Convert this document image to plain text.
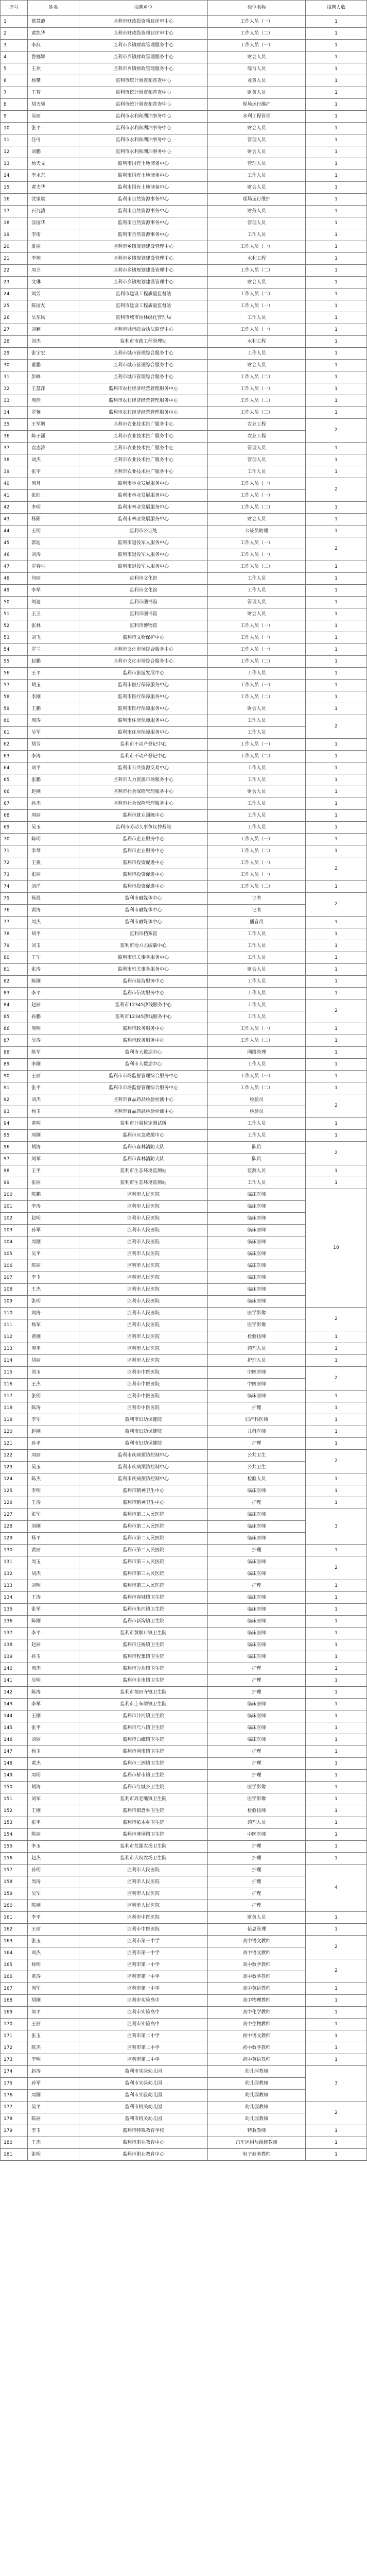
序号	姓名	招聘单位	岗位名称	招聘人数
1	蔡慧静	监利市财政投资项目评审中心	工作人员（一）	1
2	黄凯华	监利市财政投资项目评审中心	工作人员（二）	1
3	李浪	监利市乡镇财政管理服务中心	工作人员（一）	1
4	鲁娜娜	监利市乡镇财政管理服务中心	财会人员	1
5	王欢	监利市乡镇财政管理服务中心	综合人员	1
6	杨攀	监利市统计调查和普查中心	业务人员	1
7	王智	监利市统计调查和普查中心	财务人员	1
8	胡天骏	监利市统计调查和普查中心	现场运行维护	1
9	吴丽	监利市水利和湖泊事务中心	水利工程管理	1
10	张平	监利市水利和湖泊事务中心	财会人员	1
11	任可	监利市水利和湖泊事务中心	管理人员	1
12	刘鹏	监利市水利和湖泊事务中心	财会人员	1
13	杨天文	监利市国有土地储备中心	管理人员	1
14	李永东	监利市国有土地储备中心	工作人员	1
15	黄夫华	监利市国有土地储备中心	财会人员	1
16	沈家斌	监利市自然资源事务中心	现场运行维护	1
17	石九清	监利市自然资源事务中心	财务人员	1
18	涂国华	监利市自然资源事务中心	管理人员	1
19	李雨	监利市自然资源事务中心	工作人员	1
20	夏丽	监利市乡镇规划建设管理中心	工作人员（一）	1
21	李翔	监利市乡镇规划建设管理中心	水利工程	1
22	周立	监利市乡镇规划建设管理中心	工作人员（二）	1
23	文琳	监利市乡镇规划建设管理中心	财会人员	1
24	刘芳	监利市建设工程质量监督站	工作人员（二）	1
25	陈国友	监利市建设工程质量监督站	工作人员（一）	1
26	吴东风	监利市城市园林绿化管理局	工作人员	1
27	刘颖	监利市城市综合执法监督中心	工作人员（一）	1
28	刘杰	监利市市政工程管理处	水利工程	1
29	张宇宏	监利市城市管理综合服务中心	工作人员	1
30	董鹏	监利市城市管理综合服务中心	财会人员	1
31	彭峰	监利市城市管理综合服务中心	工作人员（二）	1
32	王慧萍	监利市农村经济经营管理服务中心	工作人员（一）	1
33	周佳	监利市农村经济经营管理服务中心	工作人员（二）	1
34	罗蒋	监利市农村经济经营管理服务中心	工作人员（三）	1
35	王军鹏	监利市农业技术推广服务中心	农业工程	2
36	陈子涵	监利市农业技术推广服务中心	农业工程	
37	袁志涛	监利市农业技术推广服务中心	管理人员	1
38	刘杰	监利市农业技术推广服务中心	管理人员	1
39	张宇	监利市农业技术推广服务中心	工作人员	1
40	周月	监利市林业发展服务中心	工作人员（一）	2
41	张红	监利市林业发展服务中心	工作人员（一）	
42	李明	监利市林业发展服务中心	工作人员（二）	1
43	杨阳	监利市林业发展服务中心	财会人员	1
44	王明	监利市公证处	公证员助理	1
45	郭迪	监利市退役军人服务中心	工作人员（一）	2
46	刘涛	监利市退役军人服务中心	工作人员（一）	
47	罗春生	监利市退役军人服务中心	工作人员（二）	1
48	何丽	监利市文化馆	工作人员	1
49	李军	监利市文化馆	工作人员	1
50	刘迪	监利市图书馆	管理人员	1
51	王卫	监利市图书馆	财会人员	1
52	张林	监利市博物馆	工作人员（一）	1
53	刘飞	监利市文物保护中心	工作人员（一）	1
54	罗兰	监利市文化市场综合服务中心	工作人员（一）	1
55	赵鹏	监利市文化市场综合服务中心	工作人员（二）	1
56	王平	监利市旅游发展中心	工作人员	1
57	胡玉	监利市医疗保障服务中心	工作人员（一）	1
58	李刚	监利市医疗保障服务中心	工作人员（二）	1
59	王鹏	监利市医疗保障服务中心	财会人员	1
60	周涛	监利市住房保障服务中心	工作人员	2
61	吴军	监利市住房保障服务中心	工作人员	
62	胡芳	监利市不动产登记中心	工作人员（一）	1
63	李涛	监利市不动产登记中心	工作人员（二）	1
64	刘平	监利市公共资源交易中心	工作人员	1
65	张鹏	监利市人力资源市场服务中心	工作人员	1
66	赵刚	监利市社会保险管理服务中心	财会人员	1
67	孙杰	监利市社会保险管理服务中心	工作人员	1
68	周丽	监利市就业训练中心	工作人员	1
69	吴玉	监利市劳动人事争议仲裁院	工作人员	1
70	陈明	监利市企业服务中心	工作人员（一）	1
71	李琴	监利市企业服务中心	工作人员（二）	1
72	王强	监利市投资促进中心	工作人员（一）	2
73	张丽	监利市投资促进中心	工作人员（一）	
74	刘洋	监利市投资促进中心	工作人员（二）	1
75	杨晨	监利市融媒体中心	记者	2
76	黄涛	监利市融媒体中心	记者	
77	周杰	监利市融媒体中心	播音员	1
78	胡平	监利市档案馆	工作人员	1
79	刘玉	监利市地方志编纂中心	工作人员	1
80	王军	监利市机关事务服务中心	工作人员	1
81	张涛	监利市机关事务服务中心	财会人员	1
82	陈刚	监利市接待服务中心	工作人员	1
83	李平	监利市信访服务中心	工作人员	1
84	赵丽	监利市12345热线服务中心	工作人员	2
85	孙鹏	监利市12345热线服务中心	工作人员	
86	周明	监利市政务服务中心	工作人员（一）	1
87	吴涛	监利市政务服务中心	工作人员（二）	1
88	陈军	监利市大数据中心	网络管理	1
89	李刚	监利市大数据中心	工作人员	1
90	王丽	监利市市场监督管理综合服务中心	工作人员（一）	1
91	张平	监利市市场监督管理综合服务中心	工作人员（二）	1
92	刘杰	监利市食品药品检验检测中心	检验员	2
93	杨玉	监利市食品药品检验检测中心	检验员	
94	黄明	监利市计量检定测试所	工作人员	1
95	周刚	监利市应急救援中心	工作人员	1
96	胡涛	监利市森林消防大队	队员	2
97	刘军	监利市森林消防大队	队员	
98	王平	监利市生态环境监测站	监测人员	1
99	张丽	监利市生态环境监测站	工作人员	1
100	陈鹏	监利市人民医院	临床医师	10
101	李涛	监利市人民医院	临床医师	
102	赵明	监利市人民医院	临床医师	
103	孙军	监利市人民医院	临床医师	
104	周刚	监利市人民医院	临床医师	
105	吴平	监利市人民医院	临床医师	
106	陈丽	监利市人民医院	临床医师	
107	李玉	监利市人民医院	临床医师	
108	王杰	监利市人民医院	临床医师	
109	张明	监利市人民医院	临床医师	
110	刘涛	监利市人民医院	医学影像	2
111	杨军	监利市人民医院	医学影像	
112	黄刚	监利市人民医院	检验技师	1
113	周平	监利市人民医院	药剂人员	1
114	胡丽	监利市人民医院	护理人员	1
115	刘玉	监利市中医医院	中医医师	2
116	王杰	监利市中医医院	中医医师	
117	张明	监利市中医医院	临床医师	1
118	陈涛	监利市中医医院	护理	1
119	李军	监利市妇幼保健院	妇产科医师	1
120	赵刚	监利市妇幼保健院	儿科医师	1
121	孙平	监利市妇幼保健院	护理	1
122	周丽	监利市疾病预防控制中心	公共卫生	2
123	吴玉	监利市疾病预防控制中心	公共卫生	
124	陈杰	监利市疾病预防控制中心	检验人员	1
125	李明	监利市精神卫生中心	临床医师	1
126	王涛	监利市精神卫生中心	护理	1
127	张军	监利市第二人民医院	临床医师	3
128	刘刚	监利市第二人民医院	临床医师	
129	杨平	监利市第二人民医院	临床医师	
130	黄丽	监利市第二人民医院	护理	1
131	周玉	监利市第三人民医院	临床医师	2
132	胡杰	监利市第三人民医院	临床医师	
133	刘明	监利市第三人民医院	护理	1
134	王涛	监利市容城镇卫生院	临床医师	1
135	张军	监利市朱河镇卫生院	临床医师	1
136	陈刚	监利市新沟镇卫生院	临床医师	1
137	李平	监利市黄歇口镇卫生院	临床医师	1
138	赵丽	监利市汪桥镇卫生院	临床医师	1
139	孙玉	监利市程集镇卫生院	临床医师	1
140	周杰	监利市分盐镇卫生院	护理	1
141	吴明	监利市毛市镇卫生院	护理	1
142	陈涛	监利市福田寺镇卫生院	护理	1
143	李军	监利市上车湾镇卫生院	临床医师	1
144	王刚	监利市汴河镇卫生院	临床医师	1
145	张平	监利市尺八镇卫生院	临床医师	1
146	刘丽	监利市白螺镇卫生院	临床医师	1
147	杨玉	监利市网市镇卫生院	护理	1
148	黄杰	监利市三洲镇卫生院	护理	1
149	周明	监利市桥市镇卫生院	护理	1
150	胡涛	监利市红城乡卫生院	医学影像	1
151	刘军	监利市周老嘴镇卫生院	医学影像	1
152	王刚	监利市棋盘乡卫生院	检验技师	1
153	张平	监利市柘木乡卫生院	药剂人员	1
154	陈丽	监利市龚场镇卫生院	中医医师	1
155	李玉	监利市荒湖农场卫生院	护理	1
156	赵杰	监利市大垸农场卫生院	护理	1
157	孙明	监利市人民医院	护理	4
158	周涛	监利市人民医院	护理	
159	吴军	监利市人民医院	护理	
160	陈刚	监利市人民医院	护理	
161	李平	监利市中医医院	财务人员	1
162	王丽	监利市中医医院	信息管理	1
163	张玉	监利市第一中学	高中语文教师	2
164	刘杰	监利市第一中学	高中语文教师	
165	杨明	监利市第一中学	高中数学教师	2
166	黄涛	监利市第一中学	高中数学教师	
167	周军	监利市第一中学	高中英语教师	1
168	胡刚	监利市实验高中	高中物理教师	1
169	刘平	监利市实验高中	高中化学教师	1
170	王丽	监利市实验高中	高中生物教师	1
171	张玉	监利市第二中学	初中语文教师	1
172	陈杰	监利市第二中学	初中数学教师	1
173	李明	监利市第二中学	初中英语教师	1
174	赵涛	监利市实验幼儿园	幼儿园教师	3
175	孙军	监利市实验幼儿园	幼儿园教师	
176	周刚	监利市实验幼儿园	幼儿园教师	
177	吴平	监利市机关幼儿园	幼儿园教师	2
178	陈丽	监利市机关幼儿园	幼儿园教师	
179	李玉	监利市特殊教育学校	特教教师	1
180	王杰	监利市职业教育中心	汽车运用与维修教师	1
181	张明	监利市职业教育中心	电子商务教师	1
